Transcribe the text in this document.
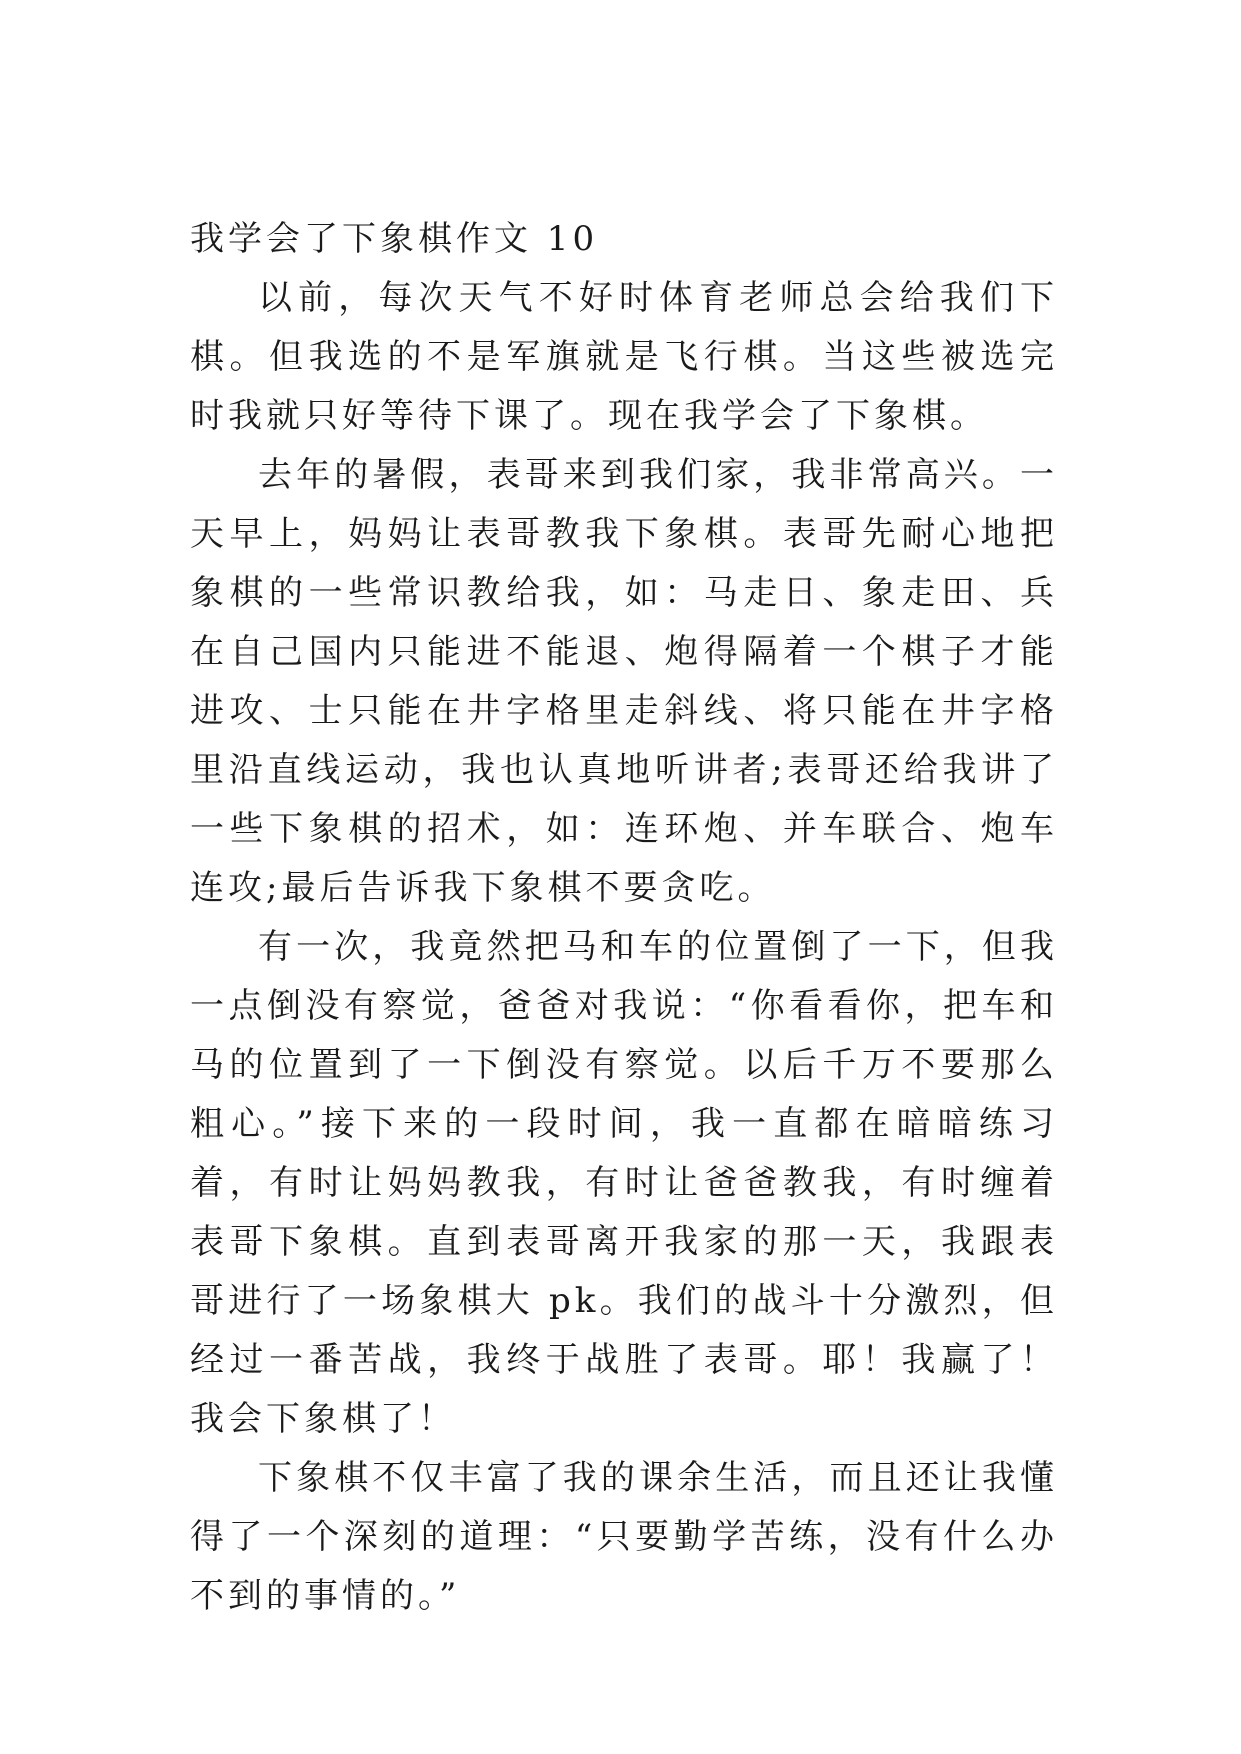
我学会了下象棋作文 10

以前，每次天气不好时体育老师总会给我们下棋。但我选的不是军旗就是飞行棋。当这些被选完时我就只好等待下课了。现在我学会了下象棋。

去年的暑假，表哥来到我们家，我非常高兴。一天早上，妈妈让表哥教我下象棋。表哥先耐心地把象棋的一些常识教给我，如：马走日、象走田、兵在自己国内只能进不能退、炮得隔着一个棋子才能进攻、士只能在井字格里走斜线、将只能在井字格里沿直线运动，我也认真地听讲者;表哥还给我讲了一些下象棋的招术，如：连环炮、并车联合、炮车连攻;最后告诉我下象棋不要贪吃。

有一次，我竟然把马和车的位置倒了一下，但我一点倒没有察觉，爸爸对我说：“你看看你，把车和马的位置到了一下倒没有察觉。以后千万不要那么粗心。”接下来的一段时间，我一直都在暗暗练习着，有时让妈妈教我，有时让爸爸教我，有时缠着表哥下象棋。直到表哥离开我家的那一天，我跟表哥进行了一场象棋大 pk。我们的战斗十分激烈，但经过一番苦战，我终于战胜了表哥。耶！我赢了！我会下象棋了！

下象棋不仅丰富了我的课余生活，而且还让我懂得了一个深刻的道理：“只要勤学苦练，没有什么办不到的事情的。”
